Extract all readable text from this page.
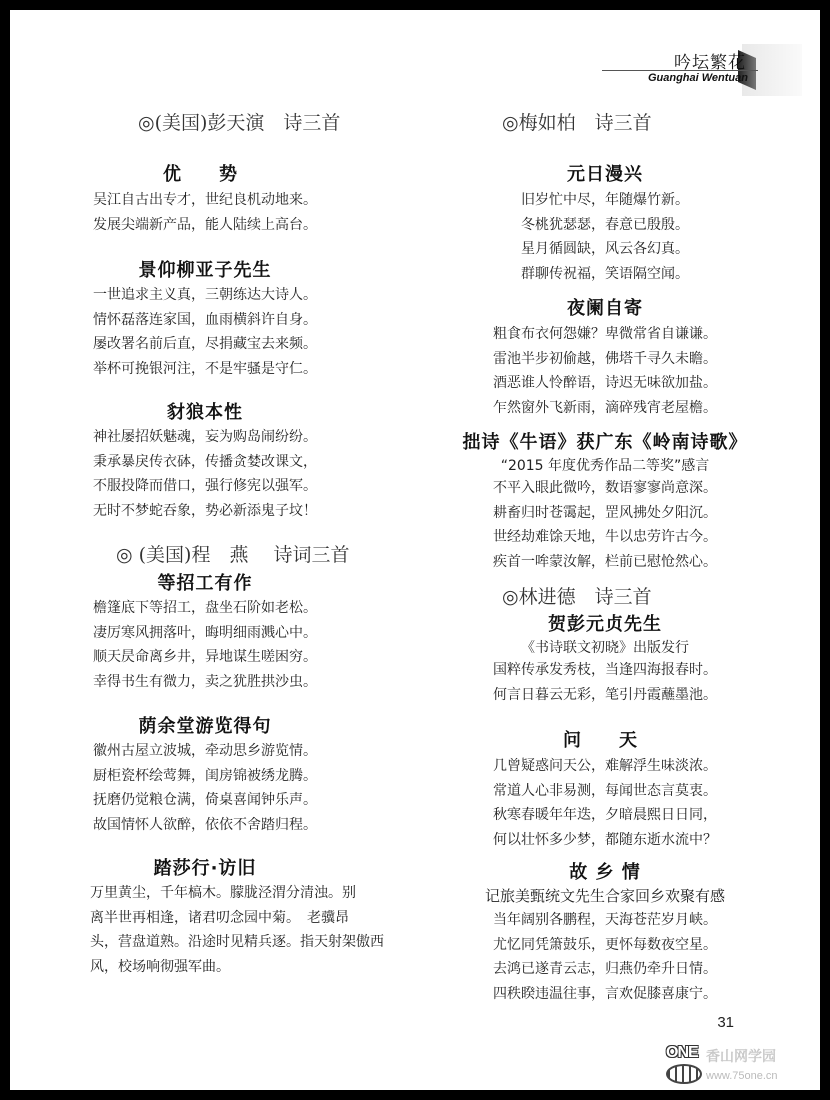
吟坛繁花
Guanghai Wentuan
◎(美国)彭天演　诗三首
优　势
吴江自古出专才，世纪良机动地来。
发展尖端新产品，能人陆续上高台。
景仰柳亚子先生
一世追求主义真，三朝练达大诗人。
情怀磊落连家国，血雨横斜许自身。
屡改署名前后直，尽捐藏宝去来频。
举杯可挽银河注，不是牢骚是守仁。
豺狼本性
神社屡招妖魅魂，妄为购岛闹纷纷。
秉承暴戾传衣砵，传播贪婪改课文，
不服投降而借口，强行修宪以强军。
无时不梦蛇吞象，势必新添鬼子坟！
◎ (美国)程　燕　 诗词三首
等招工有作
檐篷底下等招工，盘坐石阶如老松。
凄厉寒风拥落叶，晦明细雨溅心中。
顺天昃命离乡井，异地谋生嗟困穷。
幸得书生有微力，卖之犹胜拱沙虫。
荫余堂游览得句
徽州古屋立波城，牵动思乡游览情。
厨柜瓷杯绘莺舞，闺房锦被绣龙腾。
抚磨仍觉粮仓满，倚桌喜闻钟乐声。
故国情怀人欲醉，依依不舍踏归程。
踏莎行·访旧
万里黄尘，千年槁木。朦胧泾渭分清浊。别
离半世再相逢，诸君叨念园中菊。　老骥昂
头，营盘道熟。沿途时见精兵逐。指天射架傲西
风，校场响彻强军曲。
◎梅如柏　诗三首
元日漫兴
旧岁忙中尽，年随爆竹新。
冬桃犹瑟瑟，春意已殷殷。
星月循圆缺，风云各幻真。
群聊传祝福，笑语隔空闻。
夜阑自寄
粗食布衣何怨嫌？卑微常省自谦谦。
雷池半步初偷越，佛塔千寻久未瞻。
酒恶谁人怜醉语，诗迟无味欲加盐。
乍然窗外飞新雨，滴碎残宵老屋檐。
拙诗《牛语》获广东《岭南诗歌》
“2015 年度优秀作品二等奖”感言
不平入眼此微吟，数语寥寥尚意深。
耕畜归时苍霭起，罡风拂处夕阳沉。
世经劫难馀天地，牛以忠劳许古今。
疾首一哞蒙汝解，栏前已慰怆然心。
◎林进德　诗三首
贺彭元贞先生
《书诗联文初晓》出版发行
国粹传承发秀枝，当逢四海报春时。
何言日暮云无彩，笔引丹霞蘸墨池。
问　天
几曾疑惑问天公，难解浮生味淡浓。
常道人心非易测，每闻世态言莫衷。
秋寒春暖年年迭，夕暗晨熙日日同，
何以壮怀多少梦，都随东逝水流中？
故 乡 情
记旅美甄统文先生合家回乡欢聚有感
当年阔别各鹏程，天海苍茫岁月峡。
尤忆同凭箫鼓乐，更怀每数夜空星。
去鸿已遂青云志，归燕仍牵升日情。
四秩睽违温往事，言欢促膝喜康宁。
31
ONE 香山网学园
www.75one.cn
